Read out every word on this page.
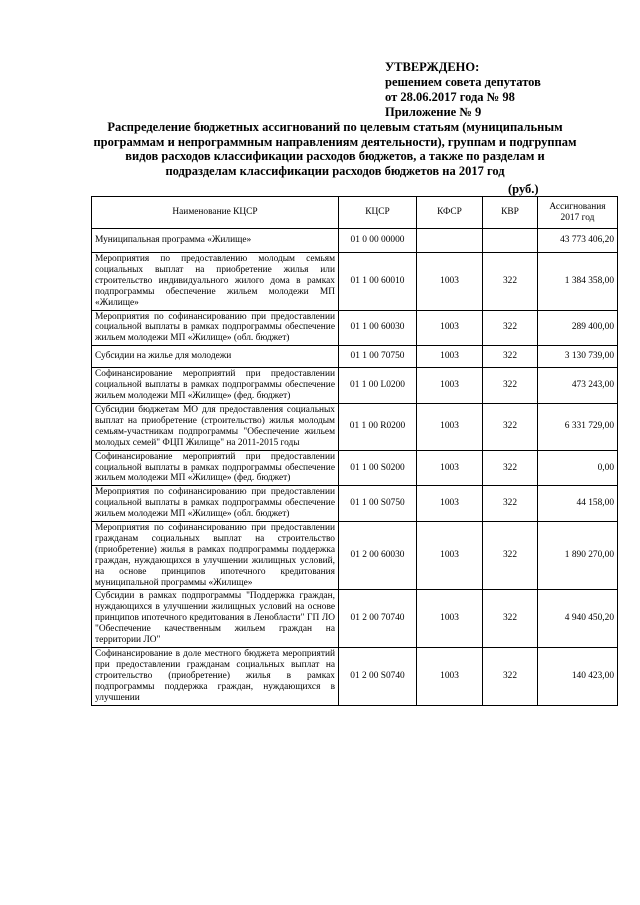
УТВЕРЖДЕНО:
решением совета депутатов
от 28.06.2017 года № 98
Приложение № 9
Распределение бюджетных ассигнований по целевым статьям (муниципальным
программам и непрограммным направлениям деятельности), группам и подгруппам
видов расходов классификации расходов бюджетов, а также по разделам и
подразделам классификации расходов бюджетов на 2017 год
(руб.)
Наименование КЦСР	КЦСР	КФСР	КВР	Ассигнования 2017 год
Муниципальная программа «Жилище»	01 0 00 00000			43 773 406,20
Мероприятия по предоставлению молодым семьям социальных выплат на приобретение жилья или строительство индивидуального жилого дома в рамках подпрограммы обеспечение жильем молодежи МП «Жилище»	01 1 00 60010	1003	322	1 384 358,00
Мероприятия по софинансированию при предоставлении социальной выплаты в рамках подпрограммы обеспечение жильем молодежи МП «Жилище» (обл. бюджет)	01 1 00 60030	1003	322	289 400,00
Субсидии на жилье для молодежи	01 1 00 70750	1003	322	3 130 739,00
Софинансирование мероприятий при предоставлении социальной выплаты в рамках подпрограммы обеспечение жильем молодежи МП «Жилище» (фед. бюджет)	01 1 00 L0200	1003	322	473 243,00
Субсидии бюджетам МО для предоставления социальных выплат на приобретение (строительство) жилья молодым семьям-участникам подпрограммы "Обеспечение жильем молодых семей" ФЦП Жилище" на 2011-2015 годы	01 1 00 R0200	1003	322	6 331 729,00
Софинансирование мероприятий при предоставлении социальной выплаты в рамках подпрограммы обеспечение жильем молодежи МП «Жилище» (фед. бюджет)	01 1 00 S0200	1003	322	0,00
Мероприятия по софинансированию при предоставлении социальной выплаты в рамках подпрограммы обеспечение жильем молодежи МП «Жилище» (обл. бюджет)	01 1 00 S0750	1003	322	44 158,00
Мероприятия по софинансированию при предоставлении гражданам социальных выплат на строительство (приобретение) жилья в рамках подпрограммы поддержка граждан, нуждающихся в улучшении жилищных условий, на основе принципов ипотечного кредитования муниципальной программы «Жилище»	01 2 00 60030	1003	322	1 890 270,00
Субсидии в рамках подпрограммы "Поддержка граждан, нуждающихся в улучшении жилищных условий на основе принципов ипотечного кредитования в Ленобласти" ГП ЛО "Обеспечение качественным жильем граждан на территории ЛО"	01 2 00 70740	1003	322	4 940 450,20
Софинансирование в доле местного бюджета мероприятий при предоставлении гражданам социальных выплат на строительство (приобретение) жилья в рамках подпрограммы поддержка граждан, нуждающихся в улучшении	01 2 00 S0740	1003	322	140 423,00
